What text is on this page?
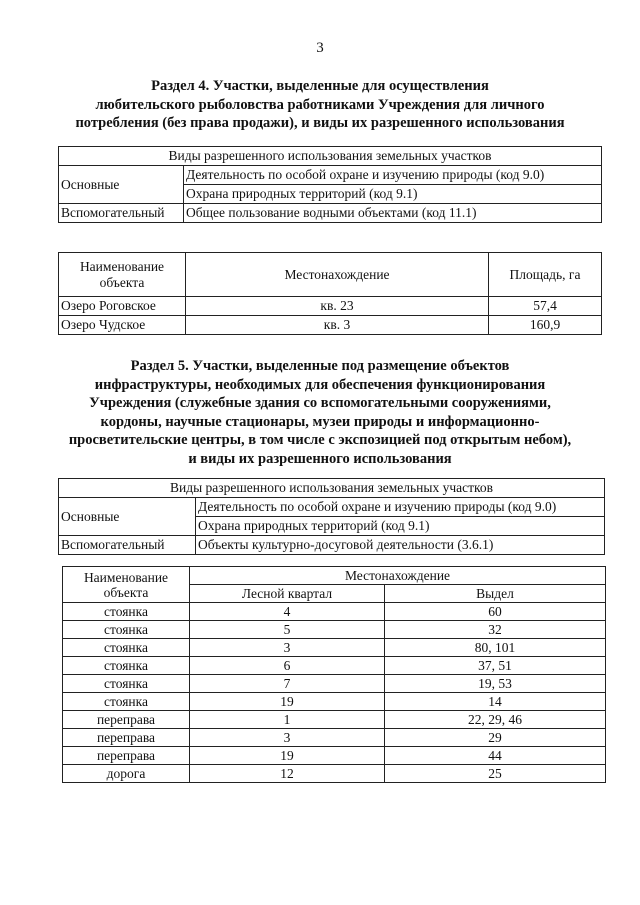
3
Раздел 4. Участки, выделенные для осуществления
любительского рыболовства работниками Учреждения для личного
потребления (без права продажи), и виды их разрешенного использования
Виды разрешенного использования земельных участков	
Основные	Деятельность по особой охране и изучению природы (код 9.0)
	Охрана природных территорий (код 9.1)
Вспомогательный	Общее пользование водными объектами (код 11.1)
Наименование объекта	Местонахождение	Площадь, га
Озеро Роговское	кв. 23	57,4
Озеро Чудское	кв. 3	160,9
Раздел 5. Участки, выделенные под размещение объектов
инфраструктуры, необходимых для обеспечения функционирования
Учреждения (служебные здания со вспомогательными сооружениями,
кордоны, научные стационары, музеи природы и информационно-
просветительские центры, в том числе с экспозицией под открытым небом),
и виды их разрешенного использования
Виды разрешенного использования земельных участков	
Основные	Деятельность по особой охране и изучению природы (код 9.0)
	Охрана природных территорий (код 9.1)
Вспомогательный	Объекты культурно-досуговой деятельности (3.6.1)
Наименование объекта	Местонахождение	
	Лесной квартал	Выдел
стоянка	4	60
стоянка	5	32
стоянка	3	80, 101
стоянка	6	37, 51
стоянка	7	19, 53
стоянка	19	14
переправа	1	22, 29, 46
переправа	3	29
переправа	19	44
дорога	12	25
